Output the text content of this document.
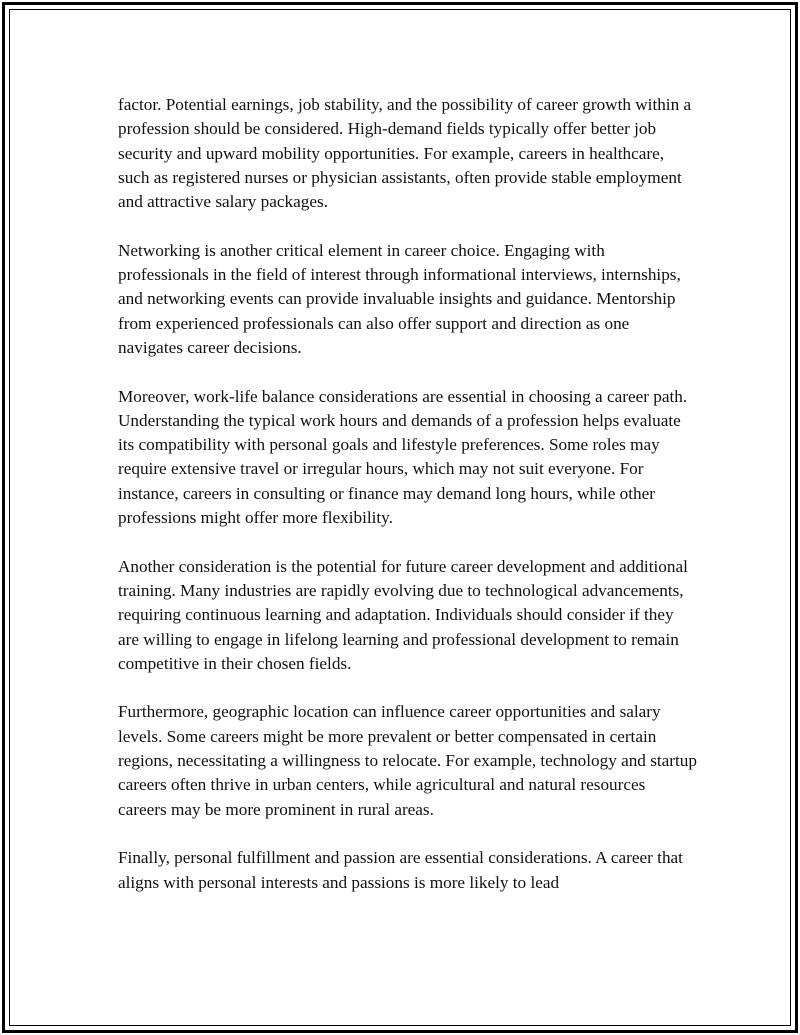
factor. Potential earnings, job stability, and the possibility of career growth within a profession should be considered. High-demand fields typically offer better job security and upward mobility opportunities. For example, careers in healthcare, such as registered nurses or physician assistants, often provide stable employment and attractive salary packages.

Networking is another critical element in career choice. Engaging with professionals in the field of interest through informational interviews, internships, and networking events can provide invaluable insights and guidance. Mentorship from experienced professionals can also offer support and direction as one navigates career decisions.

Moreover, work-life balance considerations are essential in choosing a career path. Understanding the typical work hours and demands of a profession helps evaluate its compatibility with personal goals and lifestyle preferences. Some roles may require extensive travel or irregular hours, which may not suit everyone. For instance, careers in consulting or finance may demand long hours, while other professions might offer more flexibility.

Another consideration is the potential for future career development and additional training. Many industries are rapidly evolving due to technological advancements, requiring continuous learning and adaptation. Individuals should consider if they are willing to engage in lifelong learning and professional development to remain competitive in their chosen fields.

Furthermore, geographic location can influence career opportunities and salary levels. Some careers might be more prevalent or better compensated in certain regions, necessitating a willingness to relocate. For example, technology and startup careers often thrive in urban centers, while agricultural and natural resources careers may be more prominent in rural areas.

Finally, personal fulfillment and passion are essential considerations. A career that aligns with personal interests and passions is more likely to lead
